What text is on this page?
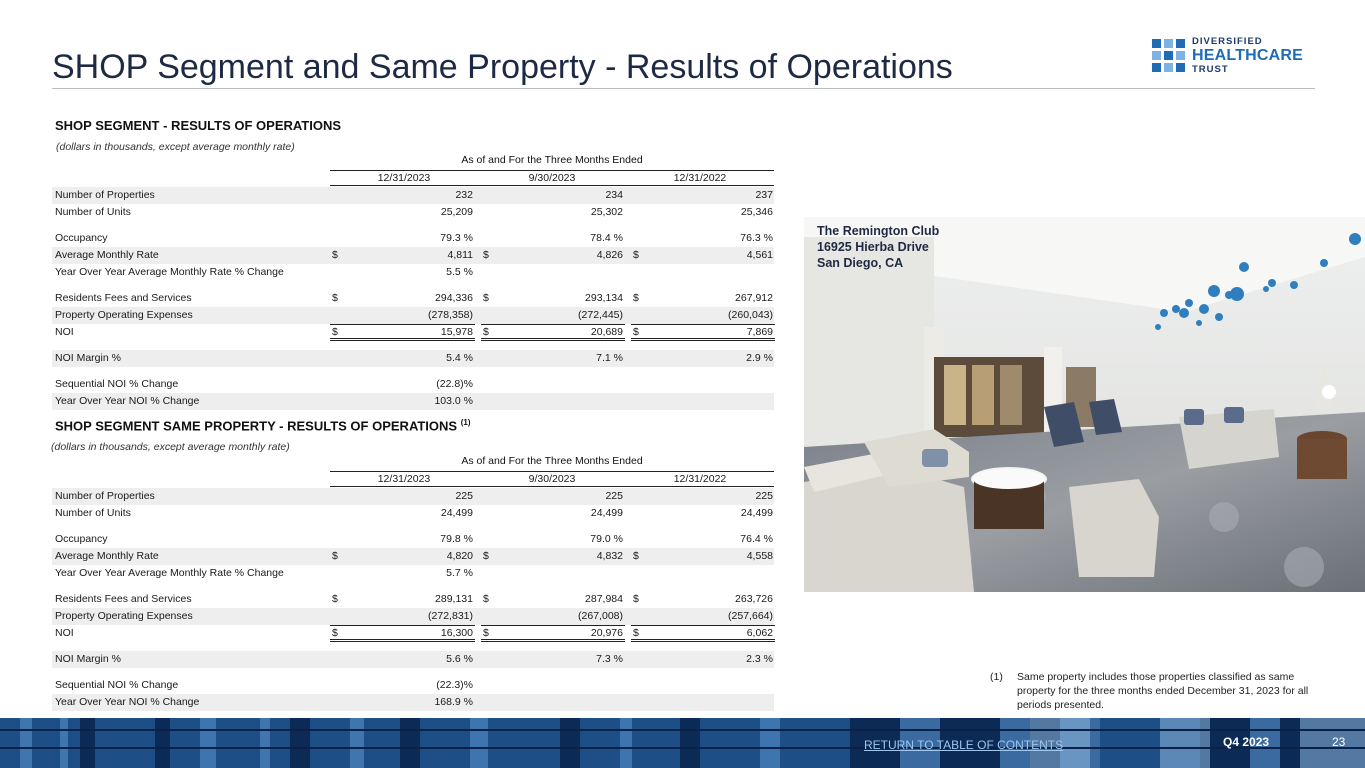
SHOP Segment and Same Property - Results of Operations
DIVERSIFIED
HEALTHCARE
TRUST
SHOP SEGMENT - RESULTS OF OPERATIONS
(dollars in thousands, except average monthly rate)
As of and For the Three Months Ended
12/31/2023	9/30/2023	12/31/2022
Number of Properties	232	234	237
Number of Units	25,209	25,302	25,346
Occupancy	79.3 %	78.4 %	76.3 %
Average Monthly Rate	$	4,811 $	4,826 $	4,561
Year Over Year Average Monthly Rate % Change	5.5 %
Residents Fees and Services	$	294,336 $	293,134 $	267,912
Property Operating Expenses	(278,358)	(272,445)	(260,043)
NOI	$	15,978 $	20,689 $	7,869
NOI Margin %	5.4 %	7.1 %	2.9 %
Sequential NOI % Change	(22.8)%
Year Over Year NOI % Change	103.0 %
SHOP SEGMENT SAME PROPERTY - RESULTS OF OPERATIONS $^{(1)}$
(dollars in thousands, except average monthly rate)
As of and For the Three Months Ended
12/31/2023	9/30/2023	12/31/2022
Number of Properties	225	225	225
Number of Units	24,499	24,499	24,499
Occupancy	79.8 %	79.0 %	76.4 %
Average Monthly Rate	$	4,820 $	4,832 $	4,558
Year Over Year Average Monthly Rate % Change	5.7 %
Residents Fees and Services	$	289,131 $	287,984 $	263,726
Property Operating Expenses	(272,831)	(267,008)	(257,664)
NOI	$	16,300 $	20,976 $	6,062
NOI Margin %	5.6 %	7.3 %	2.3 %
Sequential NOI % Change	(22.3)%
Year Over Year NOI % Change	168.9 %
The Remington Club
16925 Hierba Drive
San Diego, CA
(1) Same property includes those properties classified as same property for the three months ended December 31, 2023 for all periods presented.
RETURN TO TABLE OF CONTENTS	Q4 2023	23
